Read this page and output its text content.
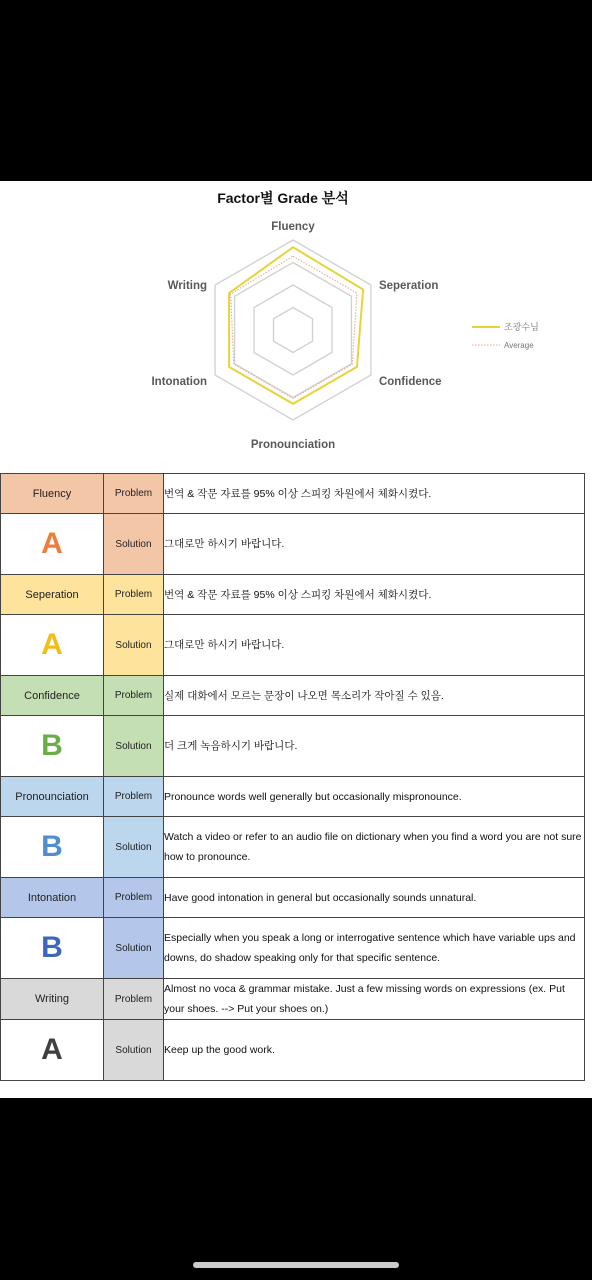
Factor별 Grade 분석
Fluency
Seperation
Confidence
Pronounciation
Intonation
Writing
조광수님
Average
Fluency	Problem	번역 & 작문 자료를 95% 이상 스피킹 차원에서 체화시켰다.
A	Solution	그대로만 하시기 바랍니다.
Seperation	Problem	번역 & 작문 자료를 95% 이상 스피킹 차원에서 체화시켰다.
A	Solution	그대로만 하시기 바랍니다.
Confidence	Problem	실제 대화에서 모르는 문장이 나오면 목소리가 작아질 수 있음.
B	Solution	더 크게 녹음하시기 바랍니다.
Pronounciation	Problem	Pronounce words well generally but occasionally mispronounce.
B	Solution	Watch a video or refer to an audio file on dictionary when you find a word you are not sure how to pronounce.
Intonation	Problem	Have good intonation in general but occasionally sounds unnatural.
B	Solution	Especially when you speak a long or interrogative sentence which have variable ups and downs, do shadow speaking only for that specific sentence.
Writing	Problem	Almost no voca & grammar mistake. Just a few missing words on expressions (ex. Put your shoes. --> Put your shoes on.)
A	Solution	Keep up the good work.
